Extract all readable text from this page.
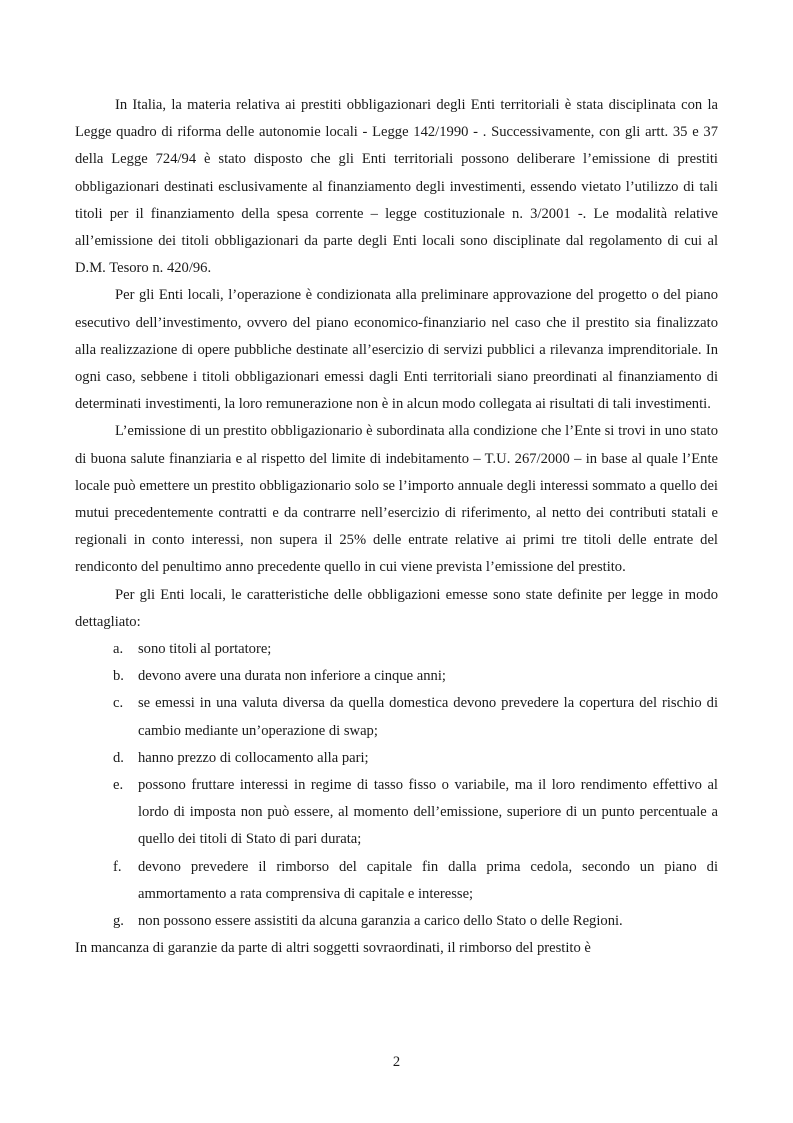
In Italia, la materia relativa ai prestiti obbligazionari degli Enti territoriali è stata disciplinata con la Legge quadro di riforma delle autonomie locali - Legge 142/1990 - . Successivamente, con gli artt. 35 e 37 della Legge 724/94 è stato disposto che gli Enti territoriali possono deliberare l’emissione di prestiti obbligazionari destinati esclusivamente al finanziamento degli investimenti, essendo vietato l’utilizzo di tali titoli per il finanziamento della spesa corrente – legge costituzionale n. 3/2001 -. Le modalità relative all’emissione dei titoli obbligazionari da parte degli Enti locali sono disciplinate dal regolamento di cui al D.M. Tesoro n. 420/96.

Per gli Enti locali, l’operazione è condizionata alla preliminare approvazione del progetto o del piano esecutivo dell’investimento, ovvero del piano economico-finanziario nel caso che il prestito sia finalizzato alla realizzazione di opere pubbliche destinate all’esercizio di servizi pubblici a rilevanza imprenditoriale. In ogni caso, sebbene i titoli obbligazionari emessi dagli Enti territoriali siano preordinati al finanziamento di determinati investimenti, la loro remunerazione non è in alcun modo collegata ai risultati di tali investimenti.

L’emissione di un prestito obbligazionario è subordinata alla condizione che l’Ente si trovi in uno stato di buona salute finanziaria e al rispetto del limite di indebitamento – T.U. 267/2000 – in base al quale l’Ente locale può emettere un prestito obbligazionario solo se l’importo annuale degli interessi sommato a quello dei mutui precedentemente contratti e da contrarre nell’esercizio di riferimento, al netto dei contributi statali e regionali in conto interessi, non supera il 25% delle entrate relative ai primi tre titoli delle entrate del rendiconto del penultimo anno precedente quello in cui viene prevista l’emissione del prestito.

Per gli Enti locali, le caratteristiche delle obbligazioni emesse sono state definite per legge in modo dettagliato:

a. sono titoli al portatore;
b. devono avere una durata non inferiore a cinque anni;
c. se emessi in una valuta diversa da quella domestica devono prevedere la copertura del rischio di cambio mediante un’operazione di swap;
d. hanno prezzo di collocamento alla pari;
e. possono fruttare interessi in regime di tasso fisso o variabile, ma il loro rendimento effettivo al lordo di imposta non può essere, al momento dell’emissione, superiore di un punto percentuale a quello dei titoli di Stato di pari durata;
f. devono prevedere il rimborso del capitale fin dalla prima cedola, secondo un piano di ammortamento a rata comprensiva di capitale e interesse;
g. non possono essere assistiti da alcuna garanzia a carico dello Stato o delle Regioni.

In mancanza di garanzie da parte di altri soggetti sovraordinati, il rimborso del prestito è

2
